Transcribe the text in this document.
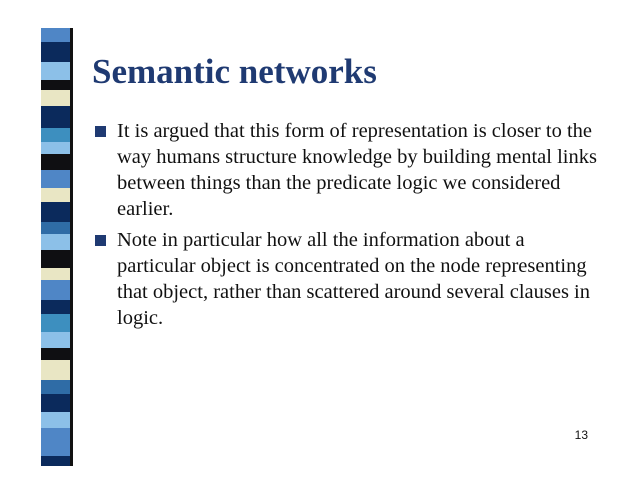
Semantic networks
It is argued that this form of representation is closer to the way humans structure knowledge by building mental links between things than the predicate logic we considered earlier.
Note in particular how all the information about a particular object is concentrated on the node representing that object, rather than scattered around several clauses in logic.
13
